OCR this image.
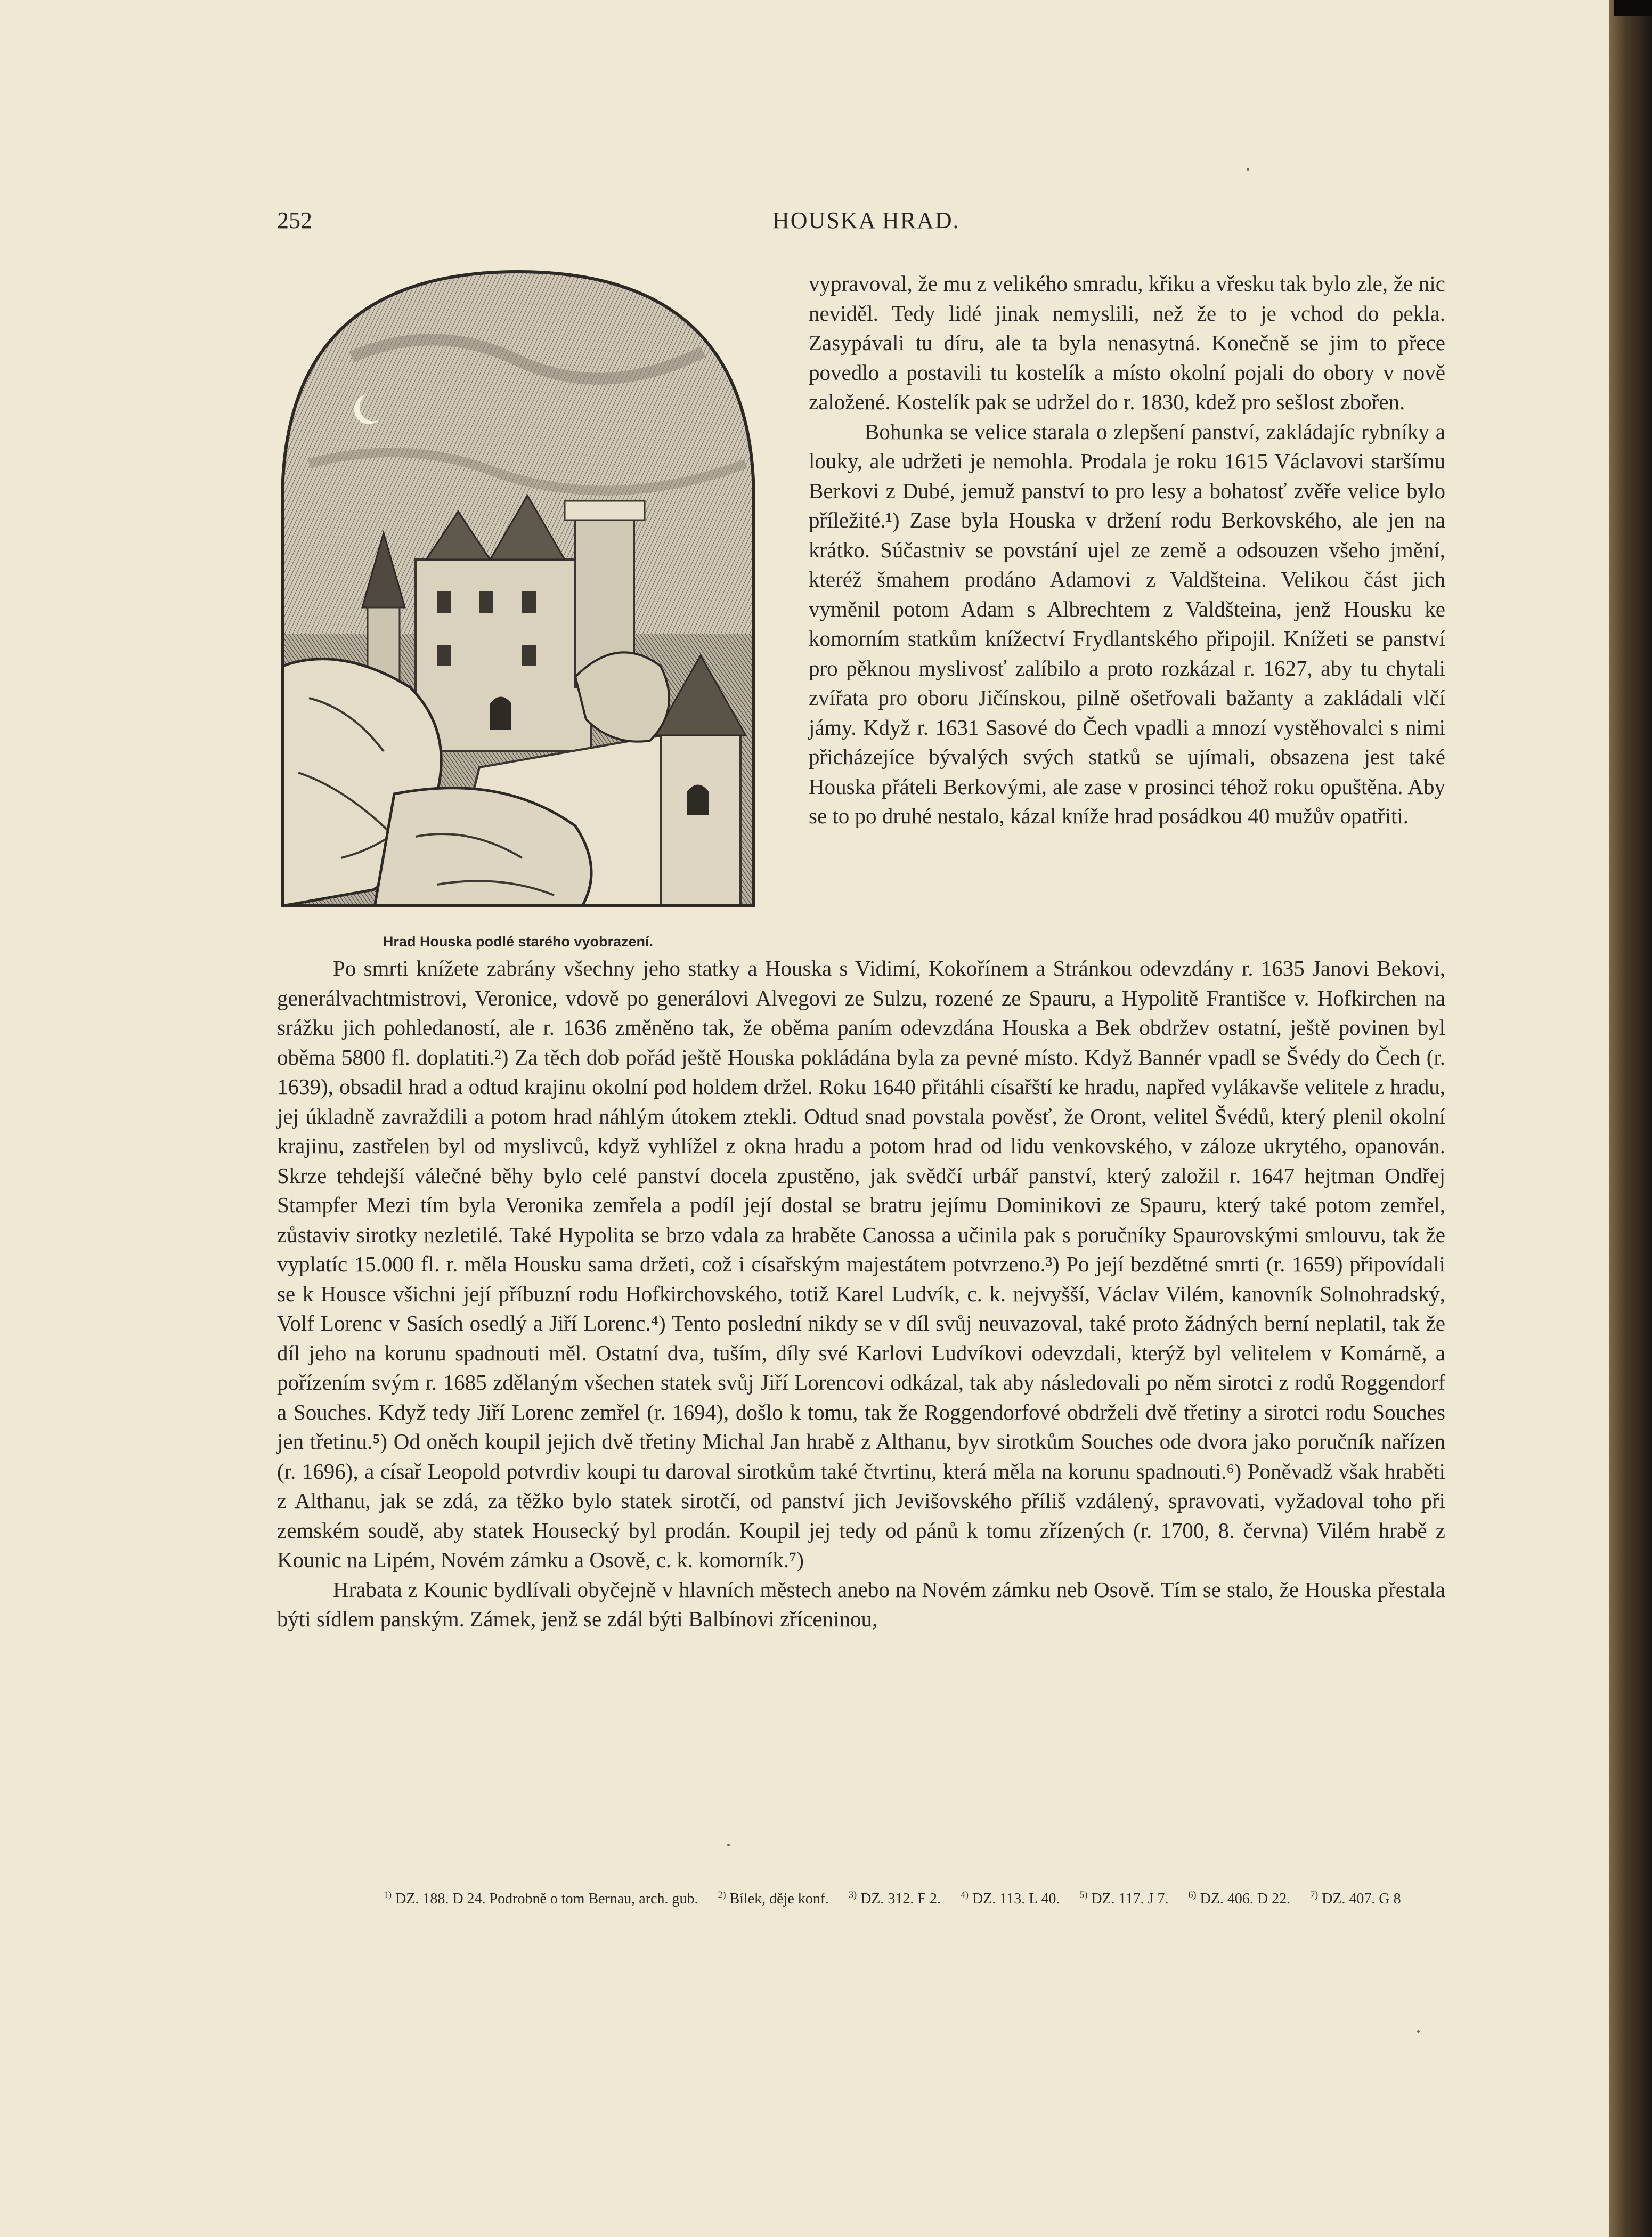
252	HOUSKA HRAD.
Hrad Houska podlé starého vyobrazení.

vypravoval, že mu z velikého smradu, křiku a vřesku tak bylo zle, že nic neviděl. Tedy lidé jinak nemyslili, než že to je vchod do pekla. Zasypávali tu díru, ale ta byla nenasytná. Konečně se jim to přece povedlo a postavili tu kostelík a místo okolní pojali do obory v nově založené. Kostelík pak se udržel do r. 1830, kdež pro sešlost zbořen.

Bohunka se velice starala o zlepšení panství, zakládajíc rybníky a louky, ale udržeti je nemohla. Prodala je roku 1615 Václavovi staršímu Berkovi z Dubé, jemuž panství to pro lesy a bohatosť zvěře velice bylo příležité.¹) Zase byla Houska v držení rodu Berkovského, ale jen na krátko. Súčastniv se povstání ujel ze země a odsouzen všeho jmění, kteréž šmahem prodáno Adamovi z Valdšteina. Velikou část jich vyměnil potom Adam s Albrechtem z Valdšteina, jenž Housku ke komorním statkům knížectví Frydlantského připojil. Knížeti se panství pro pěknou myslivosť zalíbilo a proto rozkázal r. 1627, aby tu chytali zvířata pro oboru Jičínskou, pilně ošetřovali bažanty a zakládali vlčí jámy. Když r. 1631 Sasové do Čech vpadli a mnozí vystěhovalci s nimi přicházejíce bývalých svých statků se ujímali, obsazena jest také Houska přáteli Berkovými, ale zase v prosinci téhož roku opuštěna. Aby se to po druhé nestalo, kázal kníže hrad posádkou 40 mužův opatřiti.

Po smrti knížete zabrány všechny jeho statky a Houska s Vidimí, Kokořínem a Stránkou odevzdány r. 1635 Janovi Bekovi, generálvachtmistrovi, Veronice, vdově po generálovi Alvegovi ze Sulzu, rozené ze Spauru, a Hypolitě Františce v. Hofkirchen na srážku jich pohledaností, ale r. 1636 změněno tak, že oběma paním odevzdána Houska a Bek obdržev ostatní, ještě povinen byl oběma 5800 fl. doplatiti.²) Za těch dob pořád ještě Houska pokládána byla za pevné místo. Když Bannér vpadl se Švédy do Čech (r. 1639), obsadil hrad a odtud krajinu okolní pod holdem držel. Roku 1640 přitáhli císařští ke hradu, napřed vylákavše velitele z hradu, jej úkladně zavraždili a potom hrad náhlým útokem ztekli. Odtud snad povstala pověsť, že Oront, velitel Švédů, který plenil okolní krajinu, zastřelen byl od myslivců, když vyhlížel z okna hradu a potom hrad od lidu venkovského, v záloze ukrytého, opanován. Skrze tehdejší válečné běhy bylo celé panství docela zpustěno, jak svědčí urbář panství, který založil r. 1647 hejtman Ondřej Stampfer Mezi tím byla Veronika zemřela a podíl její dostal se bratru jejímu Dominikovi ze Spauru, který také potom zemřel, zůstaviv sirotky nezletilé. Také Hypolita se brzo vdala za hraběte Canossa a učinila pak s poručníky Spaurovskými smlouvu, tak že vyplatíc 15.000 fl. r. měla Housku sama držeti, což i císařským majestátem potvrzeno.³) Po její bezdětné smrti (r. 1659) připovídali se k Housce všichni její příbuzní rodu Hofkirchovského, totiž Karel Ludvík, c. k. nejvyšší, Václav Vilém, kanovník Solnohradský, Volf Lorenc v Sasích osedlý a Jiří Lorenc.⁴) Tento poslední nikdy se v díl svůj neuvazoval, také proto žádných berní neplatil, tak že díl jeho na korunu spadnouti měl. Ostatní dva, tuším, díly své Karlovi Ludvíkovi odevzdali, kterýž byl velitelem v Komárně, a pořízením svým r. 1685 zdělaným všechen statek svůj Jiří Lorencovi odkázal, tak aby následovali po něm sirotci z rodů Roggendorf a Souches. Když tedy Jiří Lorenc zemřel (r. 1694), došlo k tomu, tak že Roggendorfové obdrželi dvě třetiny a sirotci rodu Souches jen třetinu.⁵) Od oněch koupil jejich dvě třetiny Michal Jan hrabě z Althanu, byv sirotkům Souches ode dvora jako poručník nařízen (r. 1696), a císař Leopold potvrdiv koupi tu daroval sirotkům také čtvrtinu, která měla na korunu spadnouti.⁶) Poněvadž však hraběti z Althanu, jak se zdá, za těžko bylo statek sirotčí, od panství jich Jevišovského příliš vzdálený, spravovati, vyžadoval toho při zemském soudě, aby statek Housecký byl prodán. Koupil jej tedy od pánů k tomu zřízených (r. 1700, 8. června) Vilém hrabě z Kounic na Lipém, Novém zámku a Osově, c. k. komorník.⁷)

Hrabata z Kounic bydlívali obyčejně v hlavních městech anebo na Novém zámku neb Osově. Tím se stalo, že Houska přestala býti sídlem panským. Zámek, jenž se zdál býti Balbínovi zříceninou,

$^{1)}$ DZ. 188. D 24. Podrobně o tom Bernau, arch. gub. $^{2)}$ Bílek, děje konf. $^{3)}$ DZ. 312. F 2. $^{4)}$ DZ. 113. L 40. $^{5)}$ DZ. 117. J 7. $^{6)}$ DZ. 406. D 22. $^{7)}$ DZ. 407. G 8
